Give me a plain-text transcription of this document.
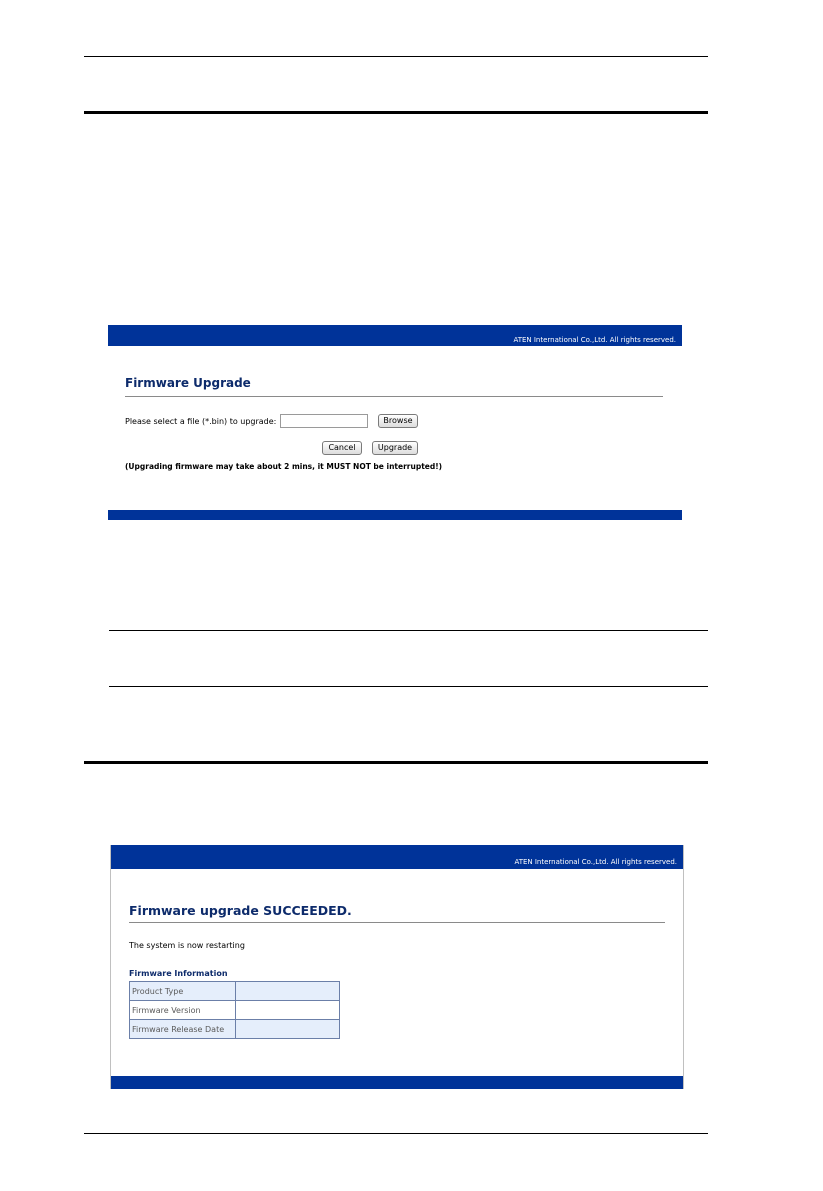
ATEN International Co.,Ltd. All rights reserved.
Firmware Upgrade
Please select a file (*.bin) to upgrade:	Browse
Cancel	Upgrade
(Upgrading firmware may take about 2 mins, it MUST NOT be interrupted!)
ATEN International Co.,Ltd. All rights reserved.
Firmware upgrade SUCCEEDED.
The system is now restarting
Firmware Information
Product Type	
Firmware Version	
Firmware Release Date	
